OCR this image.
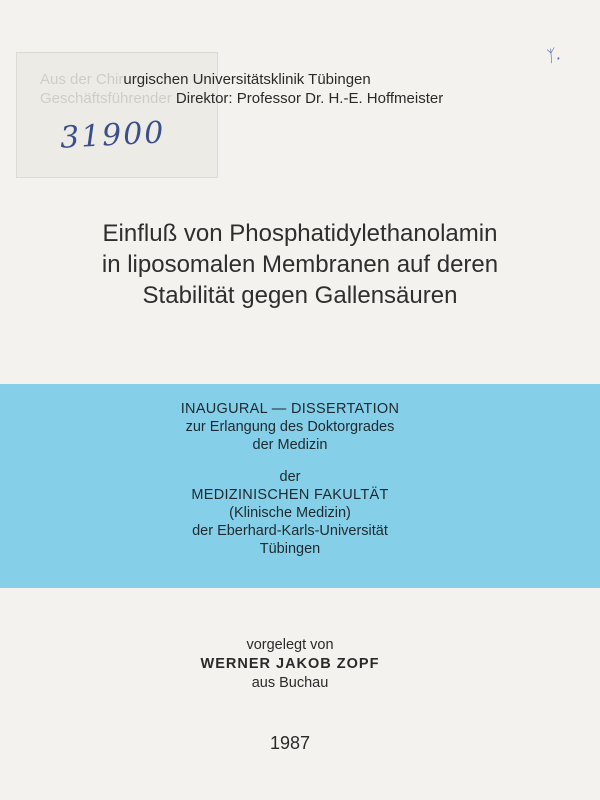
Aus der Chirurgischen Universitätsklinik Tübingen
Geschäftsführender Direktor: Professor Dr. H.-E. Hoffmeister
31900
ᛉ.
Einfluß von Phosphatidylethanolamin
in liposomalen Membranen auf deren
Stabilität gegen Gallensäuren
INAUGURAL — DISSERTATION
zur Erlangung des Doktorgrades
der Medizin
der
MEDIZINISCHEN FAKULTÄT
(Klinische Medizin)
der Eberhard-Karls-Universität
Tübingen
vorgelegt von
WERNER JAKOB ZOPF
aus Buchau
1987
